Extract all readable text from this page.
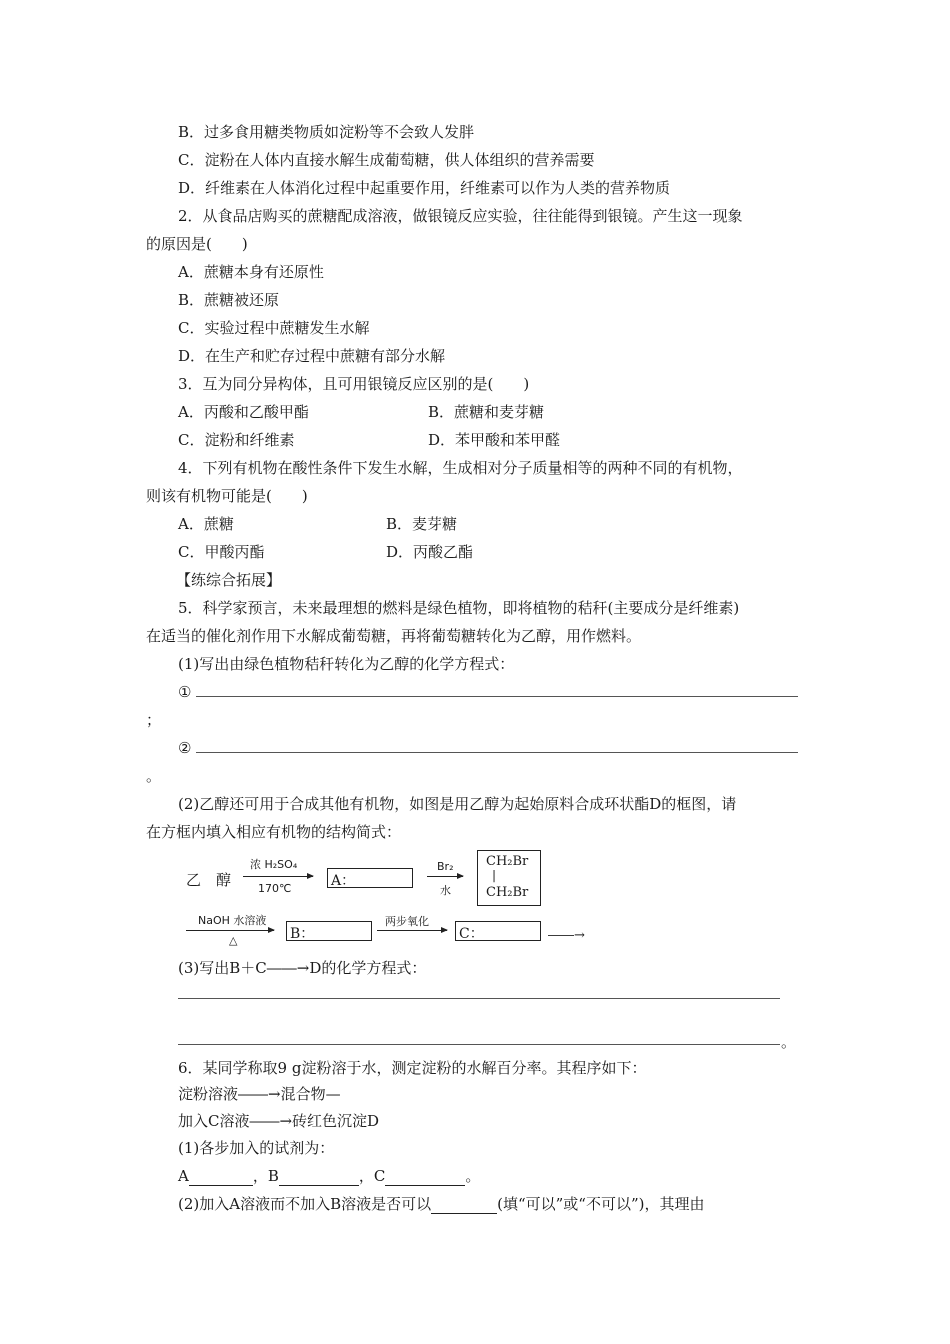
B．过多食用糖类物质如淀粉等不会致人发胖
C．淀粉在人体内直接水解生成葡萄糖，供人体组织的营养需要
D．纤维素在人体消化过程中起重要作用，纤维素可以作为人类的营养物质
2．从食品店购买的蔗糖配成溶液，做银镜反应实验，往往能得到银镜。产生这一现象
的原因是(　　)
A．蔗糖本身有还原性
B．蔗糖被还原
C．实验过程中蔗糖发生水解
D．在生产和贮存过程中蔗糖有部分水解
3．互为同分异构体，且可用银镜反应区别的是(　　)
A．丙酸和乙酸甲酯	B．蔗糖和麦芽糖
C．淀粉和纤维素	D．苯甲酸和苯甲醛
4．下列有机物在酸性条件下发生水解，生成相对分子质量相等的两种不同的有机物，
则该有机物可能是(　　)
A．蔗糖	B．麦芽糖
C．甲酸丙酯	D．丙酸乙酯
【练综合拓展】
5．科学家预言，未来最理想的燃料是绿色植物，即将植物的秸秆(主要成分是纤维素)
在适当的催化剂作用下水解成葡萄糖，再将葡萄糖转化为乙醇，用作燃料。
(1)写出由绿色植物秸秆转化为乙醇的化学方程式：
①
；
②
。
(2)乙醇还可用于合成其他有机物，如图是用乙醇为起始原料合成环状酯D的框图，请
在方框内填入相应有机物的结构简式：
乙　醇
浓 H₂SO₄
170℃	A：
Br₂
水
CH₂Br
|
CH₂Br
NaOH 水溶液
△	B：
两步氧化
C：	――→
(3)写出B＋C――→D的化学方程式：
。
6．某同学称取9 g淀粉溶于水，测定淀粉的水解百分率。其程序如下：
淀粉溶液――→混合物—
加入C溶液――→砖红色沉淀D
(1)各步加入的试剂为：
A	，B	，C	。
(2)加入A溶液而不加入B溶液是否可以	(填“可以”或“不可以”)，其理由
